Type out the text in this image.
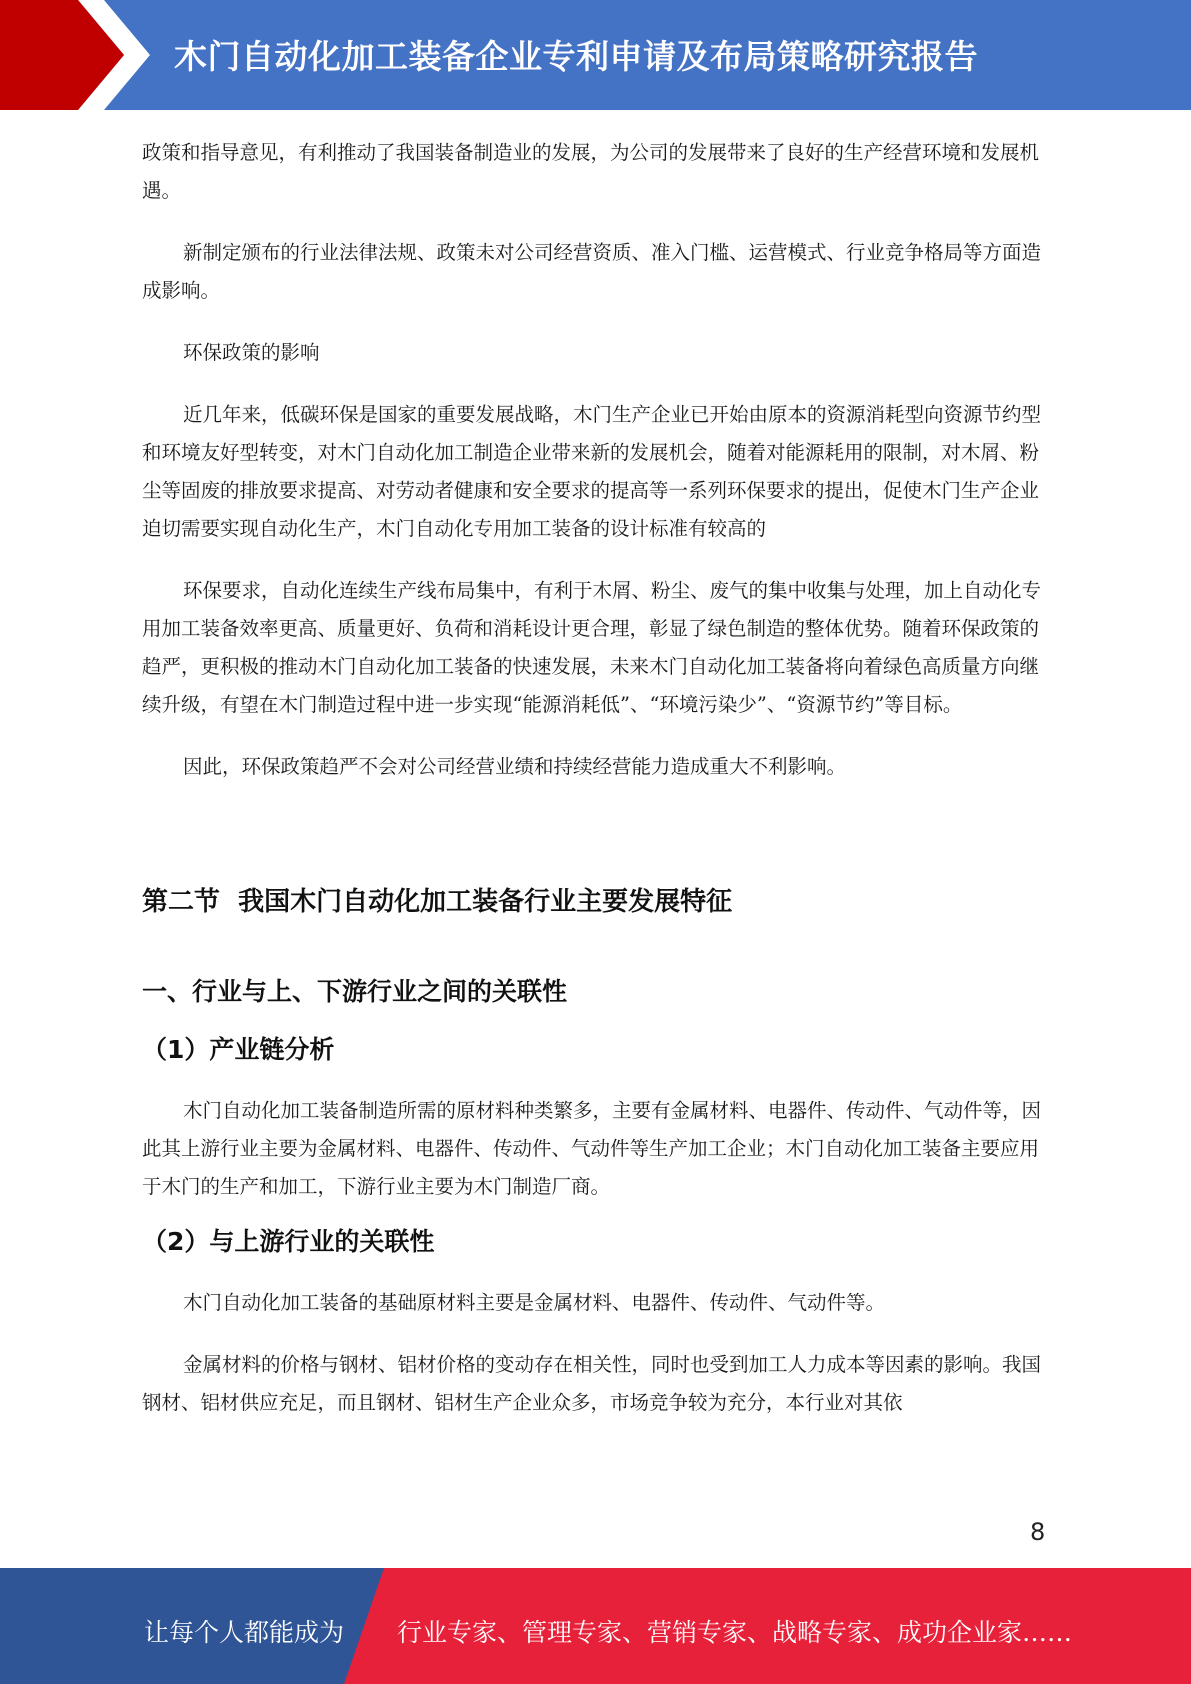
木门自动化加工装备企业专利申请及布局策略研究报告

政策和指导意见，有利推动了我国装备制造业的发展，为公司的发展带来了良好的生产经营环境和发展机遇。

新制定颁布的行业法律法规、政策未对公司经营资质、准入门槛、运营模式、行业竞争格局等方面造成影响。

环保政策的影响

近几年来，低碳环保是国家的重要发展战略，木门生产企业已开始由原本的资源消耗型向资源节约型和环境友好型转变，对木门自动化加工制造企业带来新的发展机会，随着对能源耗用的限制，对木屑、粉尘等固废的排放要求提高、对劳动者健康和安全要求的提高等一系列环保要求的提出，促使木门生产企业迫切需要实现自动化生产，木门自动化专用加工装备的设计标准有较高的

环保要求，自动化连续生产线布局集中，有利于木屑、粉尘、废气的集中收集与处理，加上自动化专用加工装备效率更高、质量更好、负荷和消耗设计更合理，彰显了绿色制造的整体优势。随着环保政策的趋严，更积极的推动木门自动化加工装备的快速发展，未来木门自动化加工装备将向着绿色高质量方向继续升级，有望在木门制造过程中进一步实现“能源消耗低”、“环境污染少”、“资源节约”等目标。

因此，环保政策趋严不会对公司经营业绩和持续经营能力造成重大不利影响。

第二节  我国木门自动化加工装备行业主要发展特征
一、行业与上、下游行业之间的关联性
（1）产业链分析

木门自动化加工装备制造所需的原材料种类繁多，主要有金属材料、电器件、传动件、气动件等，因此其上游行业主要为金属材料、电器件、传动件、气动件等生产加工企业；木门自动化加工装备主要应用于木门的生产和加工，下游行业主要为木门制造厂商。

（2）与上游行业的关联性

木门自动化加工装备的基础原材料主要是金属材料、电器件、传动件、气动件等。

金属材料的价格与钢材、铝材价格的变动存在相关性，同时也受到加工人力成本等因素的影响。我国钢材、铝材供应充足，而且钢材、铝材生产企业众多，市场竞争较为充分，本行业对其依

8
让每个人都能成为 行业专家、管理专家、营销专家、战略专家、成功企业家……
